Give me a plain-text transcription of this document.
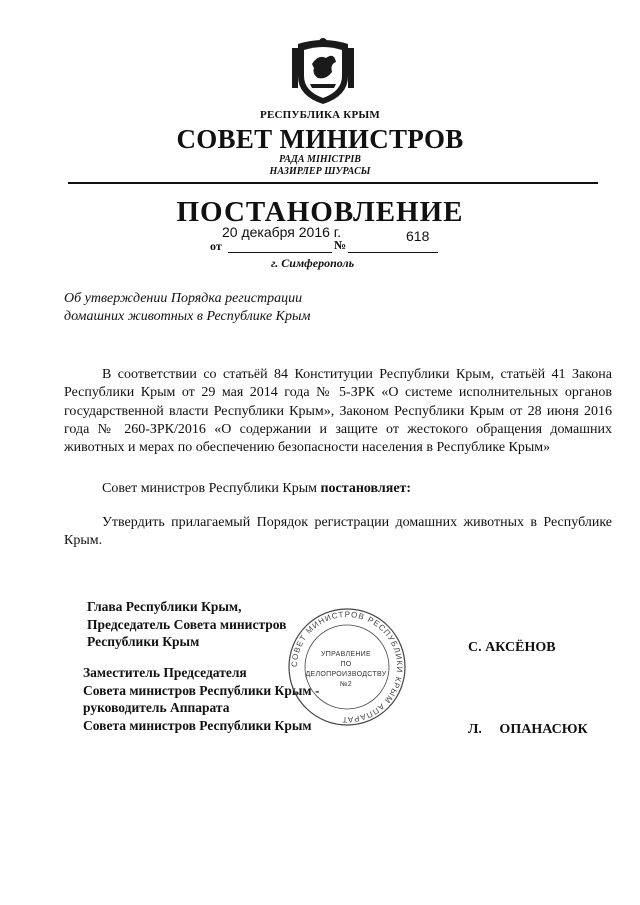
РЕСПУБЛИКА КРЫМ
СОВЕТ МИНИСТРОВ
РАДА МІНІСТРІВ
НАЗИРЛЕР ШУРАСЫ
ПОСТАНОВЛЕНИЕ
20 декабря 2016 г.	618
от	№
г. Симферополь
Об утверждении Порядка регистрации
домашних животных в Республике Крым
В соответствии со статьёй 84 Конституции Республики Крым, статьёй 41 Закона Республики Крым от 29 мая 2014 года № 5-ЗРК «О системе исполнительных органов государственной власти Республики Крым», Законом Республики Крым от 28 июня 2016 года № 260-ЗРК/2016 «О содержании и защите от жестокого обращения домашних животных и мерах по обеспечению безопасности населения в Республике Крым»
Совет министров Республики Крым постановляет:
Утвердить прилагаемый Порядок регистрации домашних животных в Республике Крым.
Глава Республики Крым,
Председатель Совета министров
Республики Крым	С. АКСЁНОВ
Заместитель Председателя
Совета министров Республики Крым -
руководитель Аппарата
Совета министров Республики Крым	Л. ОПАНАСЮК
СОВЕТ МИНИСТРОВ РЕСПУБЛИКИ КРЫМ АППАРАТ
УПРАВЛЕНИЕ
ПО
ДЕЛОПРОИЗВОДСТВУ
№2
